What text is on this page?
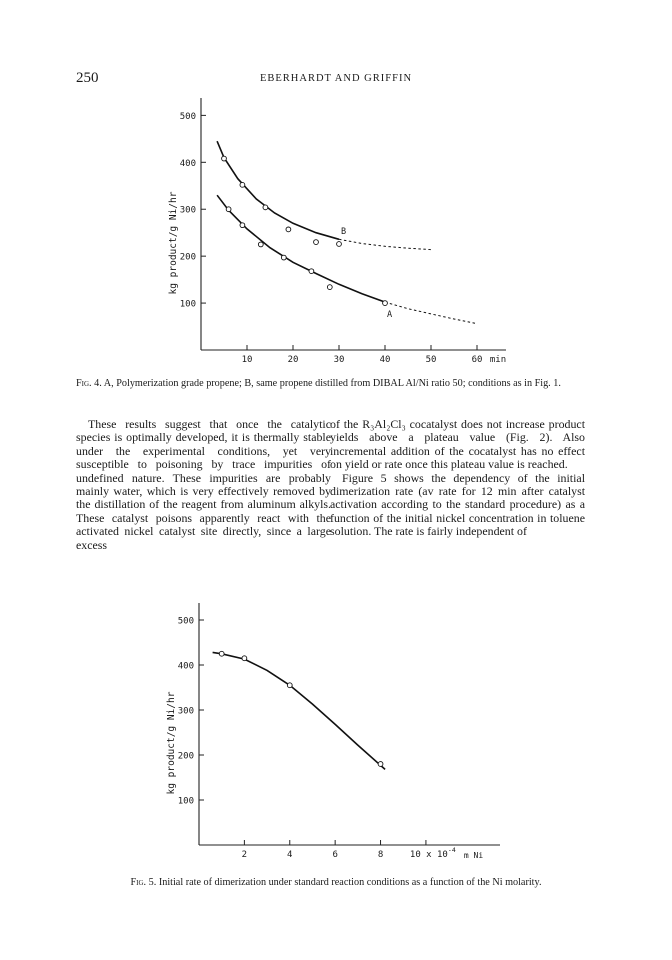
250	EBERHARDT AND GRIFFIN
100
200
300
400
500
10	20	30	40	50	60
kg product/g Ni/hr
min
B
A
100
200
300
400
500
2	4	6	8
kg product/g Ni/hr
10 x 10 -4
m Ni
Fig. 4. A, Polymerization grade propene; B, same propene distilled from DIBAL Al/Ni ratio 50; conditions as in Fig. 1.

These results suggest that once the catalytic species is optimally developed, it is thermally stable under the experimental conditions, yet very susceptible to poisoning by trace impurities of undefined nature. These impurities are probably mainly water, which is very effectively removed by the distillation of the reagent from aluminum alkyls. These catalyst poisons apparently react with the activated nickel catalyst site directly, since a large excess

of the R₃Al₂Cl₃ cocatalyst does not increase product yields above a plateau value (Fig. 2). Also incremental addition of the cocatalyst has no effect on yield or rate once this plateau value is reached.

Figure 5 shows the dependency of the initial dimerization rate (av rate for 12 min after catalyst activation according to the standard procedure) as a function of the initial nickel concentration in toluene solution. The rate is fairly independent of

Fig. 5. Initial rate of dimerization under standard reaction conditions as a function of the Ni molarity.
